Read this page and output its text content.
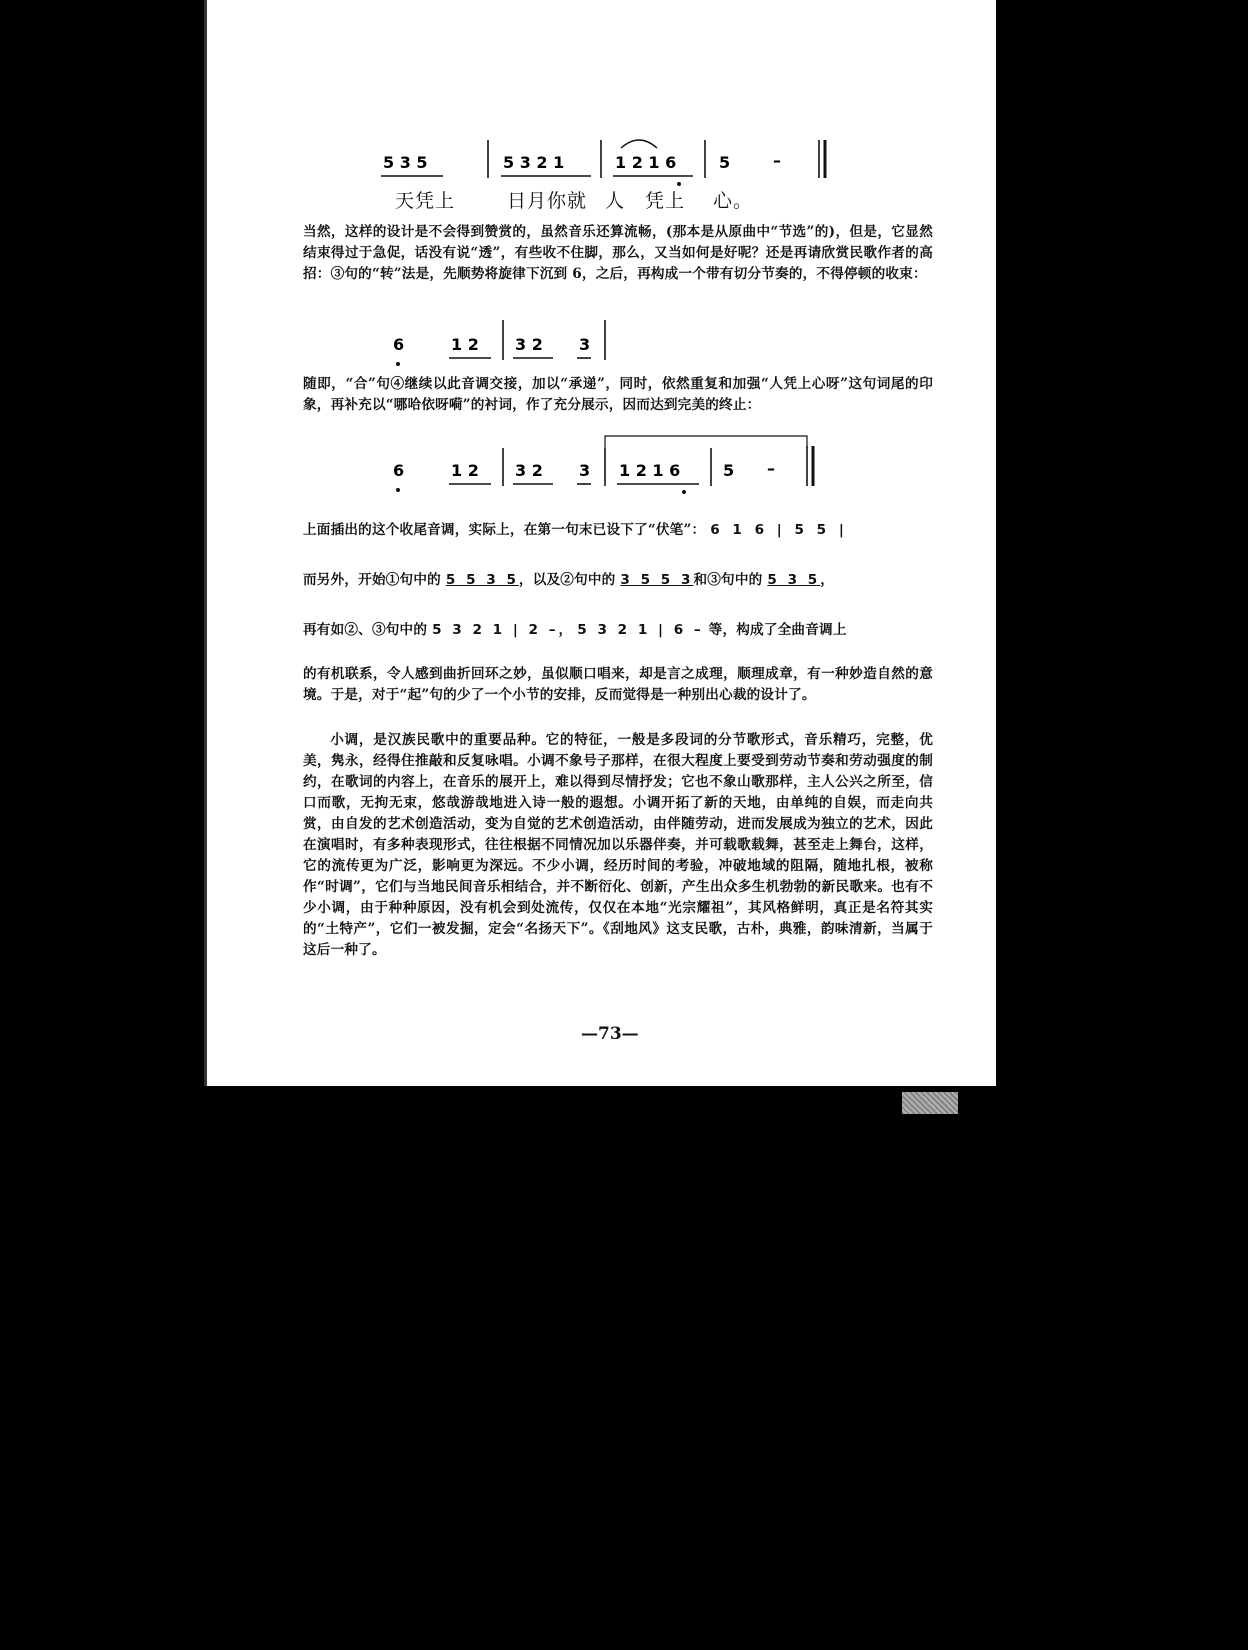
5 3 5	5 3 2 1	1 2 1 6	5	–
6	1 2 3 2 3
6	1 2 3 2 3 1 2 1 6	5 –
天凭上	日月你就 人 凭上 心。
当然，这样的设计是不会得到赞赏的，虽然音乐还算流畅，(那本是从原曲中“节选”的)，但是，它显然结束得过于急促，话没有说“透”，有些收不住脚，那么，又当如何是好呢？还是再请欣赏民歌作者的高招：③句的“转”法是，先顺势将旋律下沉到 6，之后，再构成一个带有切分节奏的，不得停顿的收束：
随即，“合”句④继续以此音调交接，加以“承递”，同时，依然重复和加强“人凭上心呀”这句词尾的印象，再补充以“哪哈依呀嗬”的衬词，作了充分展示，因而达到完美的终止：
上面插出的这个收尾音调，实际上，在第一句末已设下了“伏笔”： 6 1 6 | 5 5 |
而另外，开始①句中的 5 5 3 5，以及②句中的 3 5 5 3和③句中的 5 3 5，
再有如②、③句中的 5 3 2 1 | 2 –， 5 3 2 1 | 6 – 等，构成了全曲音调上
的有机联系，令人感到曲折回环之妙，虽似顺口唱来，却是言之成理，顺理成章，有一种妙造自然的意境。于是，对于“起”句的少了一个小节的安排，反而觉得是一种别出心裁的设计了。
小调，是汉族民歌中的重要品种。它的特征，一般是多段词的分节歌形式，音乐精巧，完整，优美，隽永，经得住推敲和反复咏唱。小调不象号子那样，在很大程度上要受到劳动节奏和劳动强度的制约，在歌词的内容上，在音乐的展开上，难以得到尽情抒发；它也不象山歌那样，主人公兴之所至，信口而歌，无拘无束，悠哉游哉地进入诗一般的遐想。小调开拓了新的天地，由单纯的自娱，而走向共赏，由自发的艺术创造活动，变为自觉的艺术创造活动，由伴随劳动，进而发展成为独立的艺术，因此在演唱时，有多种表现形式，往往根据不同情况加以乐器伴奏，并可载歌载舞，甚至走上舞台，这样，它的流传更为广泛，影响更为深远。不少小调，经历时间的考验，冲破地域的阻隔，随地扎根，被称作“时调”，它们与当地民间音乐相结合，并不断衍化、创新，产生出众多生机勃勃的新民歌来。也有不少小调，由于种种原因，没有机会到处流传，仅仅在本地“光宗耀祖”，其风格鲜明，真正是名符其实的“土特产”，它们一被发掘，定会“名扬天下”。《刮地风》这支民歌，古朴，典雅，韵味清新，当属于这后一种了。
—73—
